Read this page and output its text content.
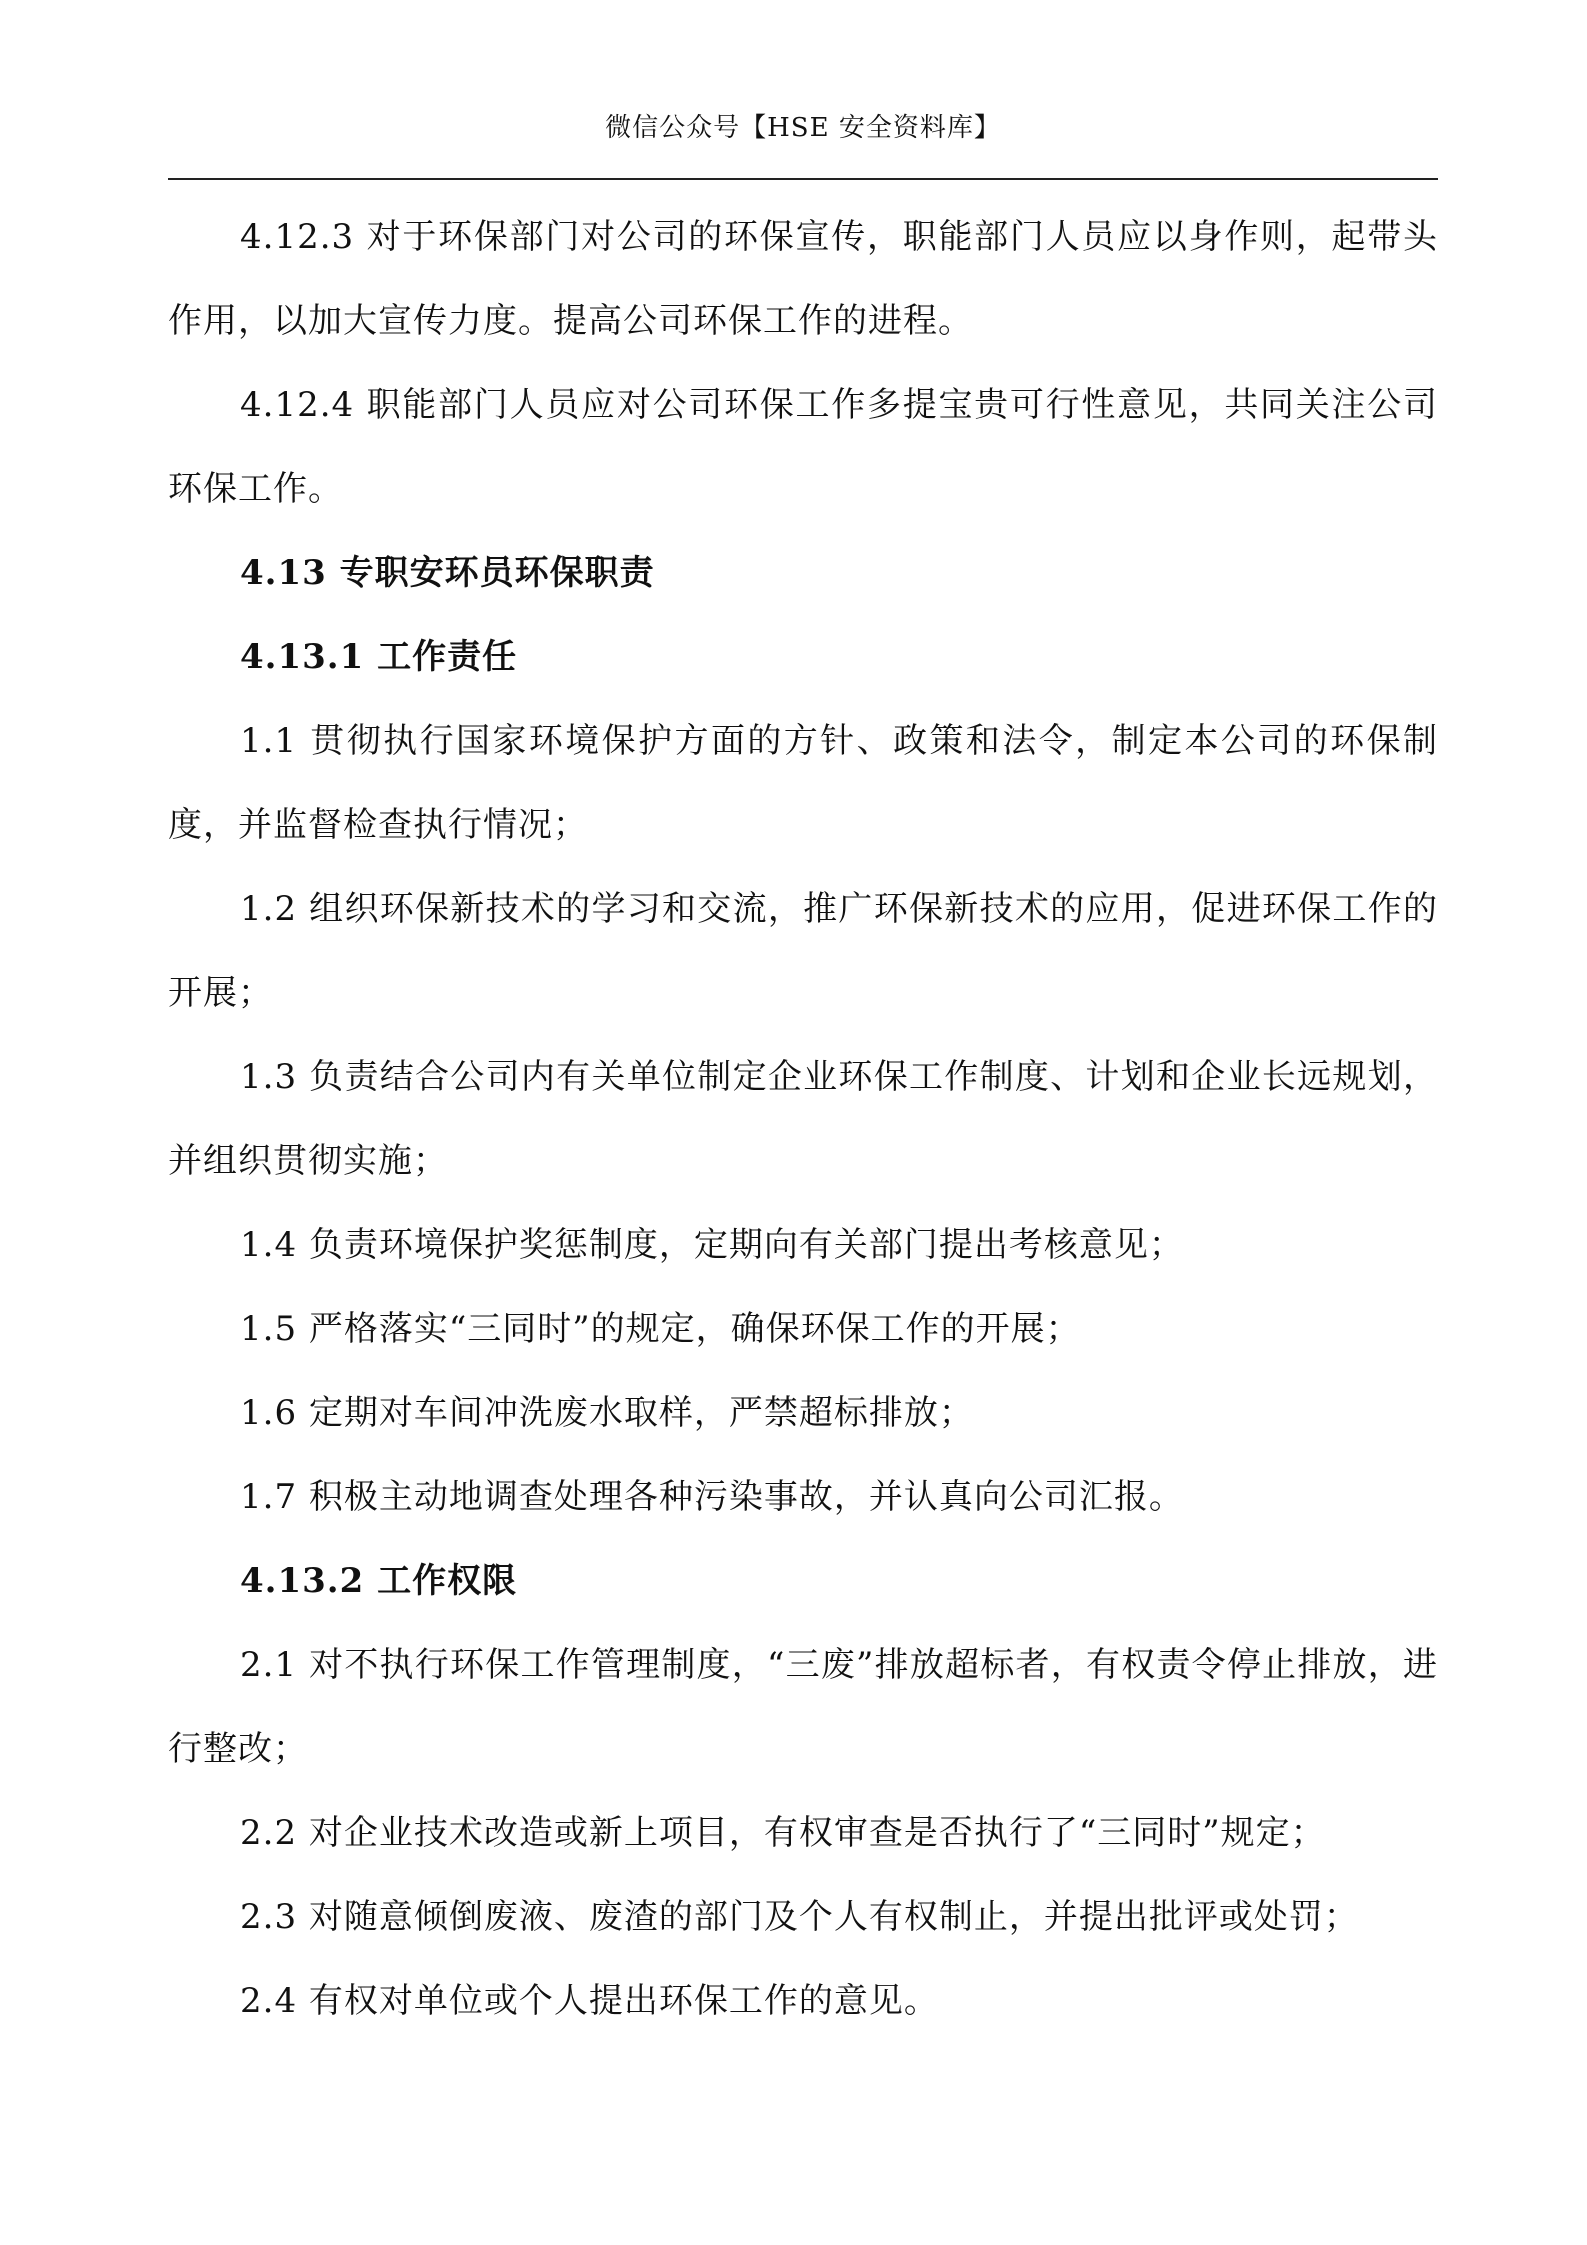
微信公众号【HSE 安全资料库】

4.12.3 对于环保部门对公司的环保宣传，职能部门人员应以身作则，起带头作用，以加大宣传力度。提高公司环保工作的进程。

4.12.4 职能部门人员应对公司环保工作多提宝贵可行性意见，共同关注公司环保工作。

4.13 专职安环员环保职责

4.13.1 工作责任

1.1 贯彻执行国家环境保护方面的方针、政策和法令，制定本公司的环保制度，并监督检查执行情况；

1.2 组织环保新技术的学习和交流，推广环保新技术的应用，促进环保工作的开展；

1.3 负责结合公司内有关单位制定企业环保工作制度、计划和企业长远规划，并组织贯彻实施；

1.4 负责环境保护奖惩制度，定期向有关部门提出考核意见；

1.5 严格落实“三同时”的规定，确保环保工作的开展；

1.6 定期对车间冲洗废水取样，严禁超标排放；

1.7 积极主动地调查处理各种污染事故，并认真向公司汇报。

4.13.2 工作权限

2.1 对不执行环保工作管理制度，“三废”排放超标者，有权责令停止排放，进行整改；

2.2 对企业技术改造或新上项目，有权审查是否执行了“三同时”规定；

2.3 对随意倾倒废液、废渣的部门及个人有权制止，并提出批评或处罚；

2.4 有权对单位或个人提出环保工作的意见。
